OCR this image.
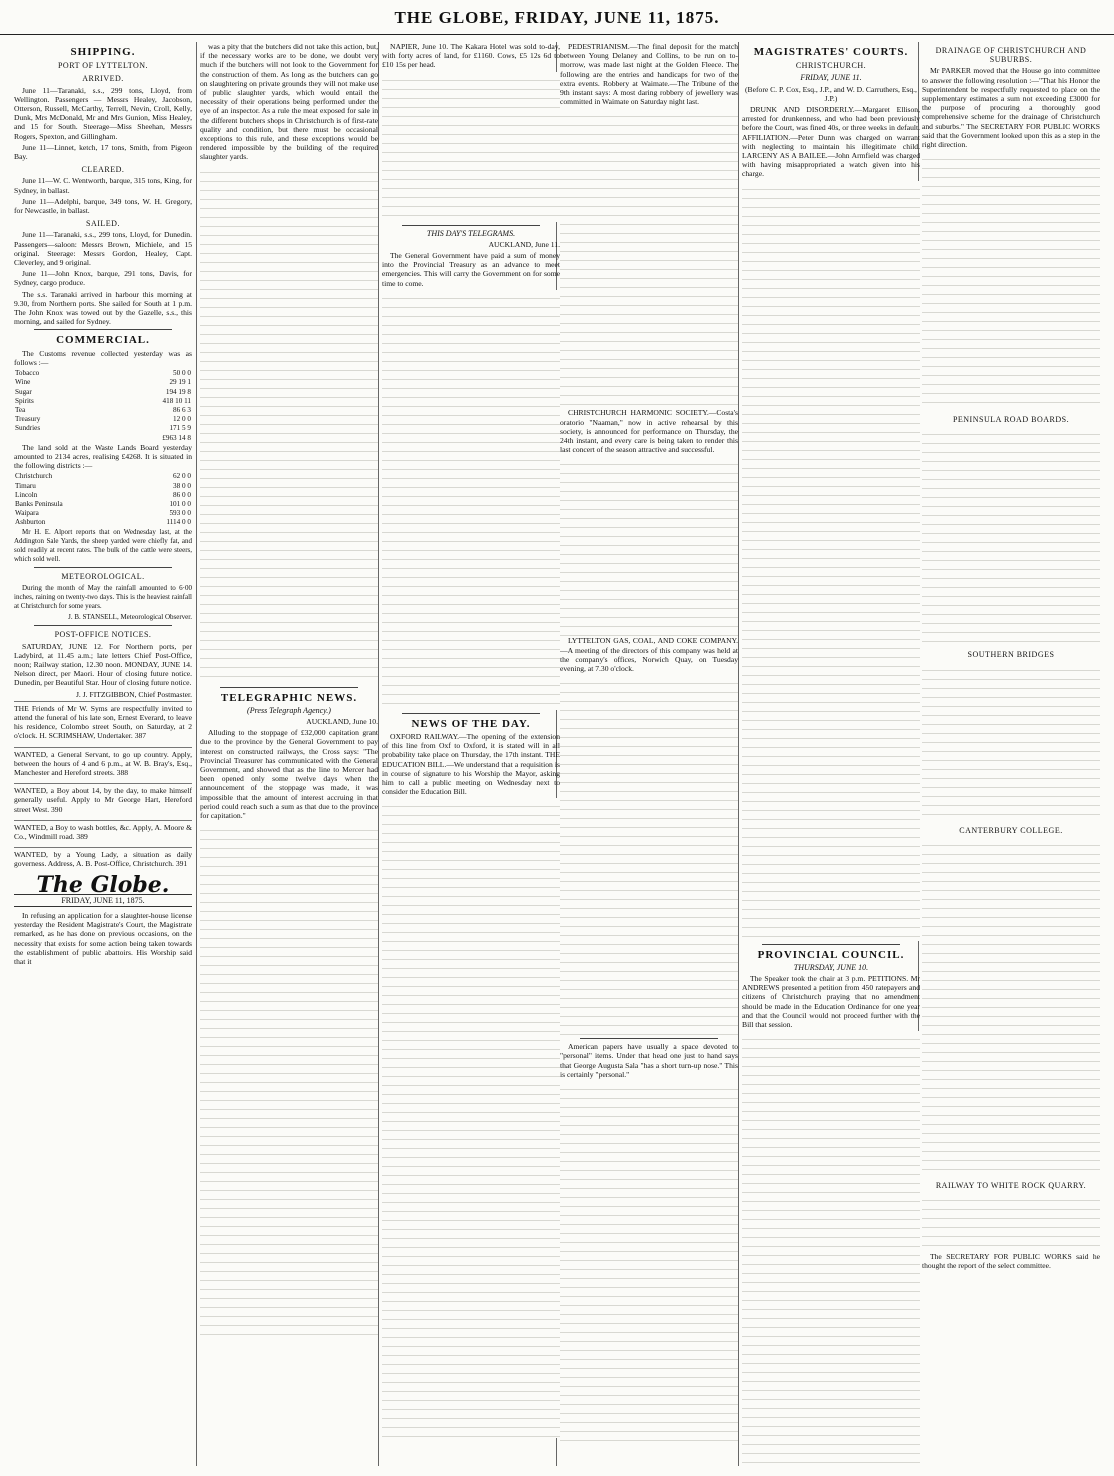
THE GLOBE, FRIDAY, JUNE 11, 1875.
SHIPPING.
PORT OF LYTTELTON.
ARRIVED.

June 11—Taranaki, s.s., 299 tons, Lloyd, from Wellington. Passengers — Messrs Healey, Jacobson, Otterson, Russell, McCarthy, Terrell, Nevin, Croll, Kelly, Dunk, Mrs McDonald, Mr and Mrs Gunion, Miss Healey, and 15 for South. Steerage—Miss Sheehan, Messrs Rogers, Spexton, and Gillingham.

June 11—Linnet, ketch, 17 tons, Smith, from Pigeon Bay.

CLEARED.

June 11—W. C. Wentworth, barque, 315 tons, King, for Sydney, in ballast.

June 11—Adelphi, barque, 349 tons, W. H. Gregory, for Newcastle, in ballast.

SAILED.

June 11—Taranaki, s.s., 299 tons, Lloyd, for Dunedin. Passengers—saloon: Messrs Brown, Michiele, and 15 original. Steerage: Messrs Gordon, Healey, Capt. Cleverley, and 9 original.

June 11—John Knox, barque, 291 tons, Davis, for Sydney, cargo produce.

The s.s. Taranaki arrived in harbour this morning at 9.30, from Northern ports. She sailed for South at 1 p.m. The John Knox was towed out by the Gazelle, s.s., this morning, and sailed for Sydney.

COMMERCIAL.

The Customs revenue collected yesterday was as follows :—

Tobacco	50 0 0
Wine	29 19 1
Sugar	194 19 8
Spirits	418 10 11
Tea	86 6 3
Treasury	12 0 0
Sundries	171 5 9
	£963 14 8

The land sold at the Waste Lands Board yesterday amounted to 2134 acres, realising £4268. It is situated in the following districts :—

Christchurch	62 0 0
Timaru	38 0 0
Lincoln	86 0 0
Banks Peninsula	101 0 0
Waipara	593 0 0
Ashburton	1114 0 0

Mr H. E. Alport reports that on Wednesday last, at the Addington Sale Yards, the sheep yarded were chiefly fat, and sold readily at recent rates. The bulk of the cattle were steers, which sold well.

METEOROLOGICAL.

During the month of May the rainfall amounted to 6·00 inches, raining on twenty-two days. This is the heaviest rainfall at Christchurch for some years.

J. B. STANSELL, Meteorological Observer.

POST-OFFICE NOTICES.

SATURDAY, JUNE 12. For Northern ports, per Ladybird, at 11.45 a.m.; late letters Chief Post-Office, noon; Railway station, 12.30 noon. MONDAY, JUNE 14. Nelson direct, per Maori. Hour of closing future notice. Dunedin, per Beautiful Star. Hour of closing future notice.

J. J. FITZGIBBON, Chief Postmaster.

THE Friends of Mr W. Syms are respectfully invited to attend the funeral of his late son, Ernest Everard, to leave his residence, Colombo street South, on Saturday, at 2 o'clock. H. SCRIMSHAW, Undertaker. 387

WANTED, a General Servant, to go up country. Apply, between the hours of 4 and 6 p.m., at W. B. Bray's, Esq., Manchester and Hereford streets. 388

WANTED, a Boy about 14, by the day, to make himself generally useful. Apply to Mr George Hart, Hereford street West. 390

WANTED, a Boy to wash bottles, &c. Apply, A. Moore & Co., Windmill road. 389

WANTED, by a Young Lady, a situation as daily governess. Address, A. B. Post-Office, Christchurch. 391

The Globe.
FRIDAY, JUNE 11, 1875.

In refusing an application for a slaughter-house license yesterday the Resident Magistrate's Court, the Magistrate remarked, as he has done on previous occasions, on the necessity that exists for some action being taken towards the establishment of public abattoirs. His Worship said that it

was a pity that the butchers did not take this action, but, if the necessary works are to be done, we doubt very much if the butchers will not look to the Government for the construction of them. As long as the butchers can go on slaughtering on private grounds they will not make use of public slaughter yards, which would entail the necessity of their operations being performed under the eye of an inspector. As a rule the meat exposed for sale in the different butchers shops in Christchurch is of first-rate quality and condition, but there must be occasional exceptions to this rule, and these exceptions would be rendered impossible by the building of the required slaughter yards.

TELEGRAPHIC NEWS.
(Press Telegraph Agency.)

AUCKLAND, June 10.

Alluding to the stoppage of £32,000 capitation grant due to the province by the General Government to pay interest on constructed railways, the Cross says: "The Provincial Treasurer has communicated with the General Government, and showed that as the line to Mercer had been opened only some twelve days when the announcement of the stoppage was made, it was impossible that the amount of interest accruing in that period could reach such a sum as that due to the province for capitation."

NAPIER, June 10. The Kakara Hotel was sold to-day, with forty acres of land, for £1160. Cows, £5 12s 6d to £10 15s per head.

THIS DAY'S TELEGRAMS.

AUCKLAND, June 11.

The General Government have paid a sum of money into the Provincial Treasury as an advance to meet emergencies. This will carry the Government on for some time to come.

NEWS OF THE DAY.

OXFORD RAILWAY.—The opening of the extension of this line from Oxf to Oxford, it is stated will in all probability take place on Thursday, the 17th instant. THE EDUCATION BILL.—We understand that a requisition is in course of signature to his Worship the Mayor, asking him to call a public meeting on Wednesday next to consider the Education Bill.

PEDESTRIANISM.—The final deposit for the match between Young Delaney and Collins, to be run on to-morrow, was made last night at the Golden Fleece. The following are the entries and handicaps for two of the extra events. Robbery at Waimate.—The Tribune of the 9th instant says: A most daring robbery of jewellery was committed in Waimate on Saturday night last.

CHRISTCHURCH HARMONIC SOCIETY.—Costa's oratorio "Naaman," now in active rehearsal by this society, is announced for performance on Thursday, the 24th instant, and every care is being taken to render this last concert of the season attractive and successful.

LYTTELTON GAS, COAL, AND COKE COMPANY.—A meeting of the directors of this company was held at the company's offices, Norwich Quay, on Tuesday evening, at 7.30 o'clock.

American papers have usually a space devoted to "personal" items. Under that head one just to hand says that George Augusta Sala "has a short turn-up nose." This is certainly "personal."

MAGISTRATES' COURTS.
CHRISTCHURCH.
FRIDAY, JUNE 11.

(Before C. P. Cox, Esq., J.P., and W. D. Carruthers, Esq., J.P.)

DRUNK AND DISORDERLY.—Margaret Ellison, arrested for drunkenness, and who had been previously before the Court, was fined 40s, or three weeks in default. AFFILIATION.—Peter Dunn was charged on warrant with neglecting to maintain his illegitimate child. LARCENY AS A BAILEE.—John Armfield was charged with having misappropriated a watch given into his charge.

PROVINCIAL COUNCIL.
THURSDAY, JUNE 10.

The Speaker took the chair at 3 p.m. PETITIONS. Mr ANDREWS presented a petition from 450 ratepayers and citizens of Christchurch praying that no amendment should be made in the Education Ordinance for one year and that the Council would not proceed further with the Bill that session.

DRAINAGE OF CHRISTCHURCH AND SUBURBS.

Mr PARKER moved that the House go into committee to answer the following resolution :—"That his Honor the Superintendent be respectfully requested to place on the supplementary estimates a sum not exceeding £3000 for the purpose of procuring a thoroughly good comprehensive scheme for the drainage of Christchurch and suburbs." The SECRETARY FOR PUBLIC WORKS said that the Government looked upon this as a step in the right direction.

PENINSULA ROAD BOARDS.
SOUTHERN BRIDGES
CANTERBURY COLLEGE.
RAILWAY TO WHITE ROCK QUARRY.

The SECRETARY FOR PUBLIC WORKS said he thought the report of the select committee.
